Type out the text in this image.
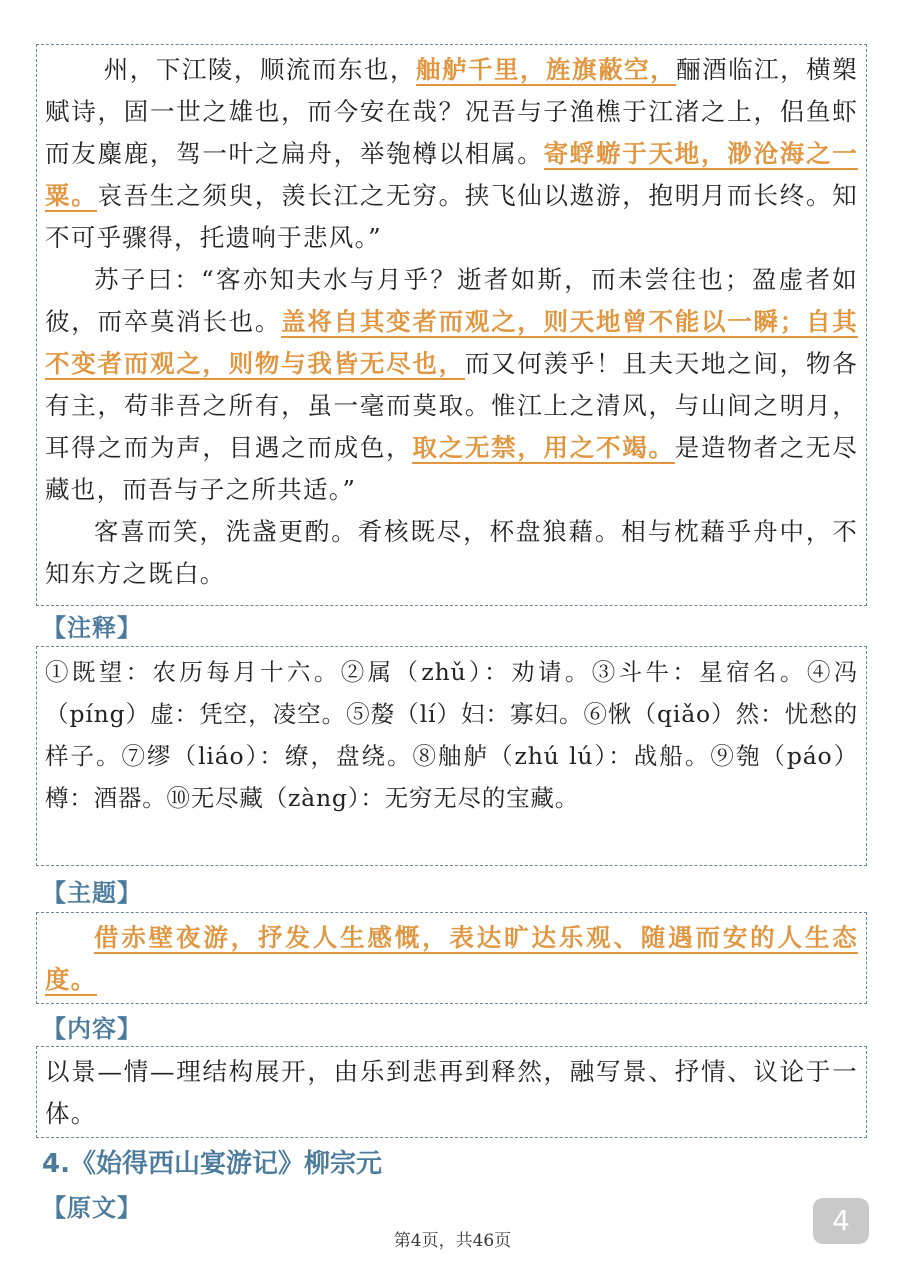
州，下江陵，顺流而东也，舳舻千里，旌旗蔽空，酾酒临江，横槊赋诗，固一世之雄也，而今安在哉？况吾与子渔樵于江渚之上，侣鱼虾而友麋鹿，驾一叶之扁舟，举匏樽以相属。寄蜉蝣于天地，渺沧海之一粟。哀吾生之须臾，羡长江之无穷。挟飞仙以遨游，抱明月而长终。知不可乎骤得，托遗响于悲风。”

苏子曰：“客亦知夫水与月乎？逝者如斯，而未尝往也；盈虚者如彼，而卒莫消长也。盖将自其变者而观之，则天地曾不能以一瞬；自其不变者而观之，则物与我皆无尽也，而又何羡乎！且夫天地之间，物各有主，苟非吾之所有，虽一毫而莫取。惟江上之清风，与山间之明月，耳得之而为声，目遇之而成色，取之无禁，用之不竭。是造物者之无尽藏也，而吾与子之所共适。”

客喜而笑，洗盏更酌。肴核既尽，杯盘狼藉。相与枕藉乎舟中，不知东方之既白。

【注释】

①既望：农历每月十六。②属（zhǔ）：劝请。③斗牛：星宿名。④冯（píng）虚：凭空，凌空。⑤嫠（lí）妇：寡妇。⑥愀（qiǎo）然：忧愁的样子。⑦缪（liáo）：缭，盘绕。⑧舳舻（zhú lú）：战船。⑨匏（páo）樽：酒器。⑩无尽藏（zàng）：无穷无尽的宝藏。

【主题】

借赤壁夜游，抒发人生感慨，表达旷达乐观、随遇而安的人生态度。

【内容】

以景—情—理结构展开，由乐到悲再到释然，融写景、抒情、议论于一体。

4.《始得西山宴游记》柳宗元
【原文】
第4页，共46页
4
